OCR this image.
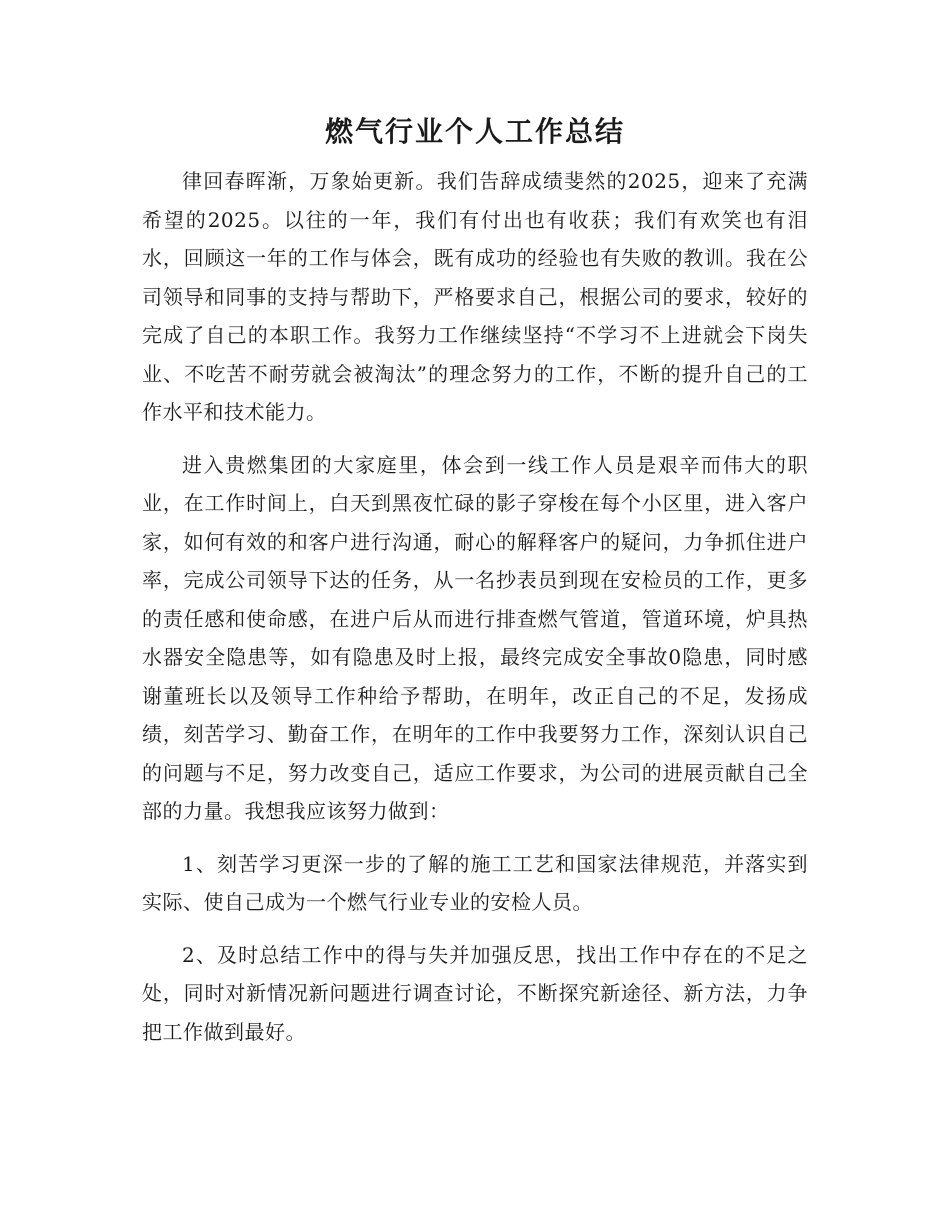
燃气行业个人工作总结

律回春晖渐，万象始更新。我们告辞成绩斐然的2025，迎来了充满希望的2025。以往的一年，我们有付出也有收获；我们有欢笑也有泪水，回顾这一年的工作与体会，既有成功的经验也有失败的教训。我在公司领导和同事的支持与帮助下，严格要求自己，根据公司的要求，较好的完成了自己的本职工作。我努力工作继续坚持“不学习不上进就会下岗失业、不吃苦不耐劳就会被淘汰”的理念努力的工作，不断的提升自己的工作水平和技术能力。

进入贵燃集团的大家庭里，体会到一线工作人员是艰辛而伟大的职业，在工作时间上，白天到黑夜忙碌的影子穿梭在每个小区里，进入客户家，如何有效的和客户进行沟通，耐心的解释客户的疑问，力争抓住进户率，完成公司领导下达的任务，从一名抄表员到现在安检员的工作，更多的责任感和使命感，在进户后从而进行排查燃气管道，管道环境，炉具热水器安全隐患等，如有隐患及时上报，最终完成安全事故0隐患，同时感谢董班长以及领导工作种给予帮助，在明年，改正自己的不足，发扬成绩，刻苦学习、勤奋工作，在明年的工作中我要努力工作，深刻认识自己的问题与不足，努力改变自己，适应工作要求，为公司的进展贡献自己全部的力量。我想我应该努力做到：

1、刻苦学习更深一步的了解的施工工艺和国家法律规范，并落实到实际、使自己成为一个燃气行业专业的安检人员。

2、及时总结工作中的得与失并加强反思，找出工作中存在的不足之处，同时对新情况新问题进行调查讨论，不断探究新途径、新方法，力争把工作做到最好。
